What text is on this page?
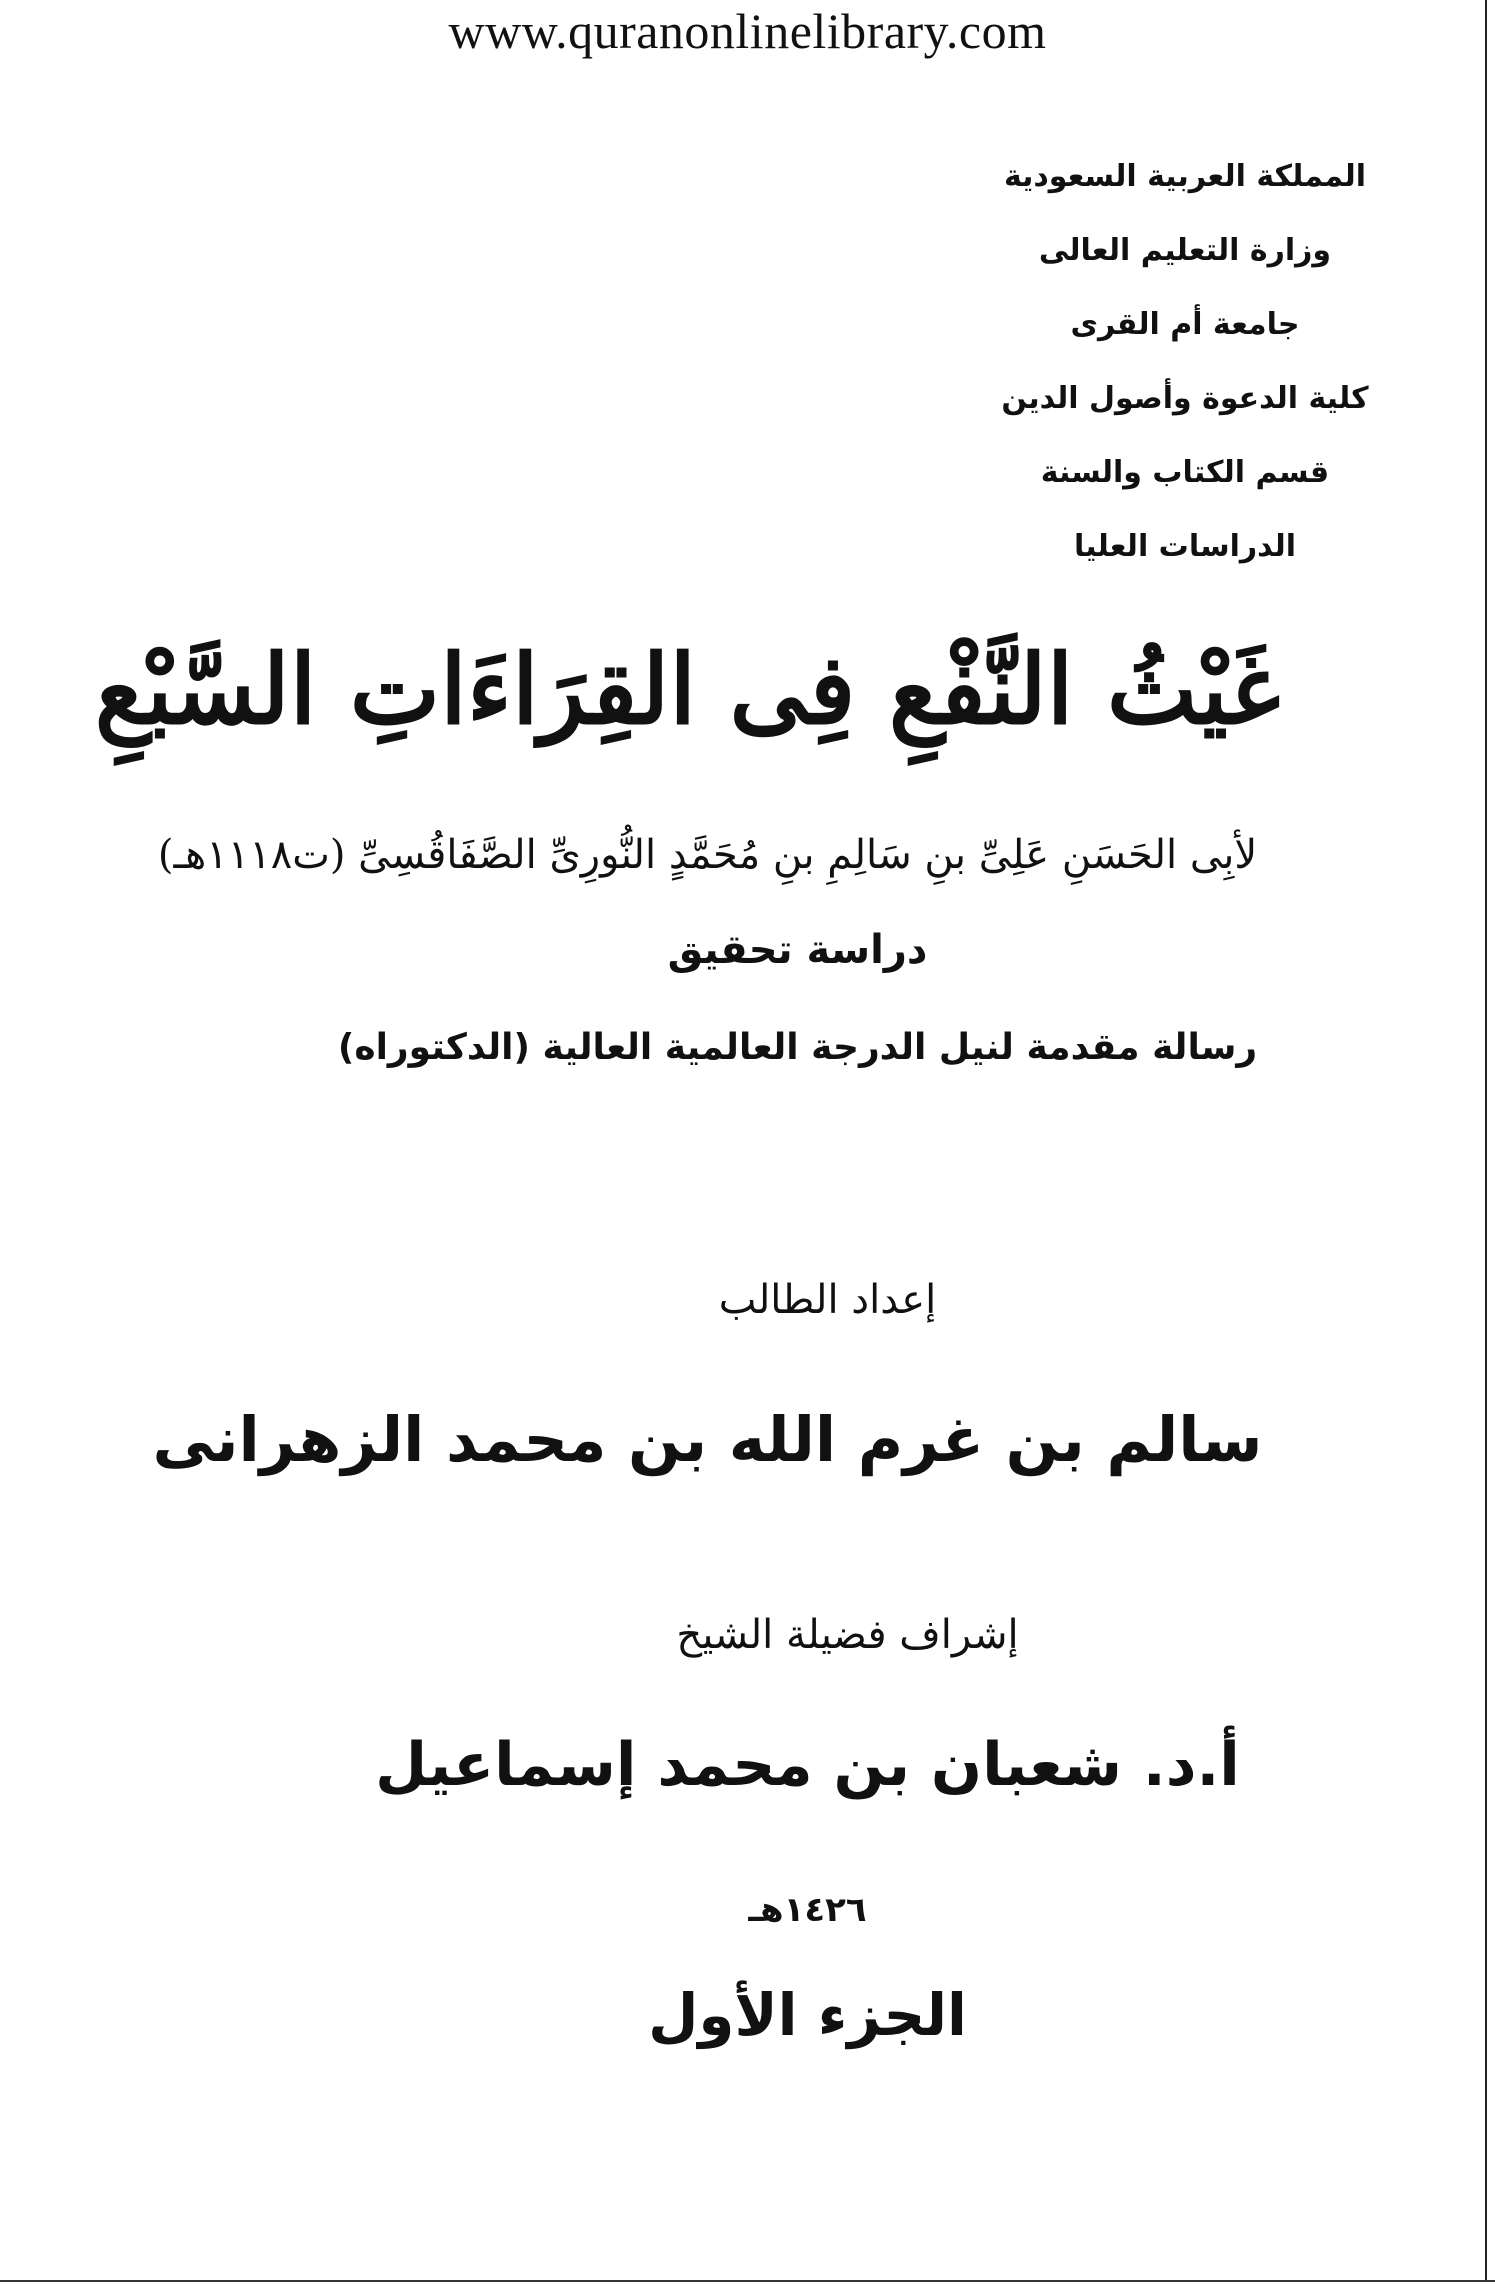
www.quranonlinelibrary.com
المملكة العربية السعودية
وزارة التعليم العالى
جامعة أم القرى
كلية الدعوة وأصول الدين
قسم الكتاب والسنة
الدراسات العليا
غَيْثُ النَّفْعِ فِى القِرَاءَاتِ السَّبْعِ
لأبِى الحَسَنِ عَلِىِّ بنِ سَالِمِ بنِ مُحَمَّدٍ النُّورِىِّ الصَّفَاقُسِىِّ (ت١١١٨هـ)
دراسة تحقيق
رسالة مقدمة لنيل الدرجة العالمية العالية (الدكتوراه)
إعداد الطالب
سالم بن غرم الله بن محمد الزهرانى
إشراف فضيلة الشيخ
أ.د. شعبان بن محمد إسماعيل
١٤٢٦هـ
الجزء الأول
